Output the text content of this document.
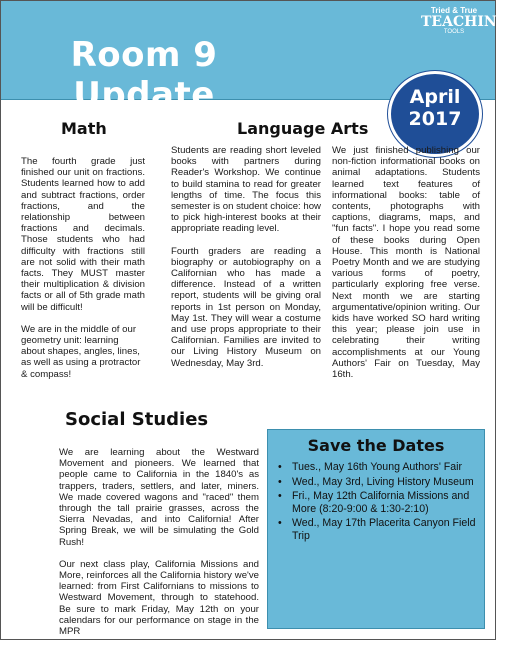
Room 9 Update
Tried & True
TEACHING
TOOLS
April
2017
Math	Language Arts

The fourth grade just finished our unit on fractions. Students learned how to add and subtract fractions, order fractions, and the relationship between fractions and decimals. Those students who had difficulty with fractions still are not solid with their math facts. They MUST master their multiplication & division facts or all of 5th grade math will be difficult!

We are in the middle of our geometry unit: learning about shapes, angles, lines, as well as using a protractor & compass!

Students are reading short leveled books with partners during Reader's Workshop. We continue to build stamina to read for greater lengths of time. The focus this semester is on student choice: how to pick high-interest books at their appropriate reading level.

Fourth graders are reading a biography or autobiography on a Californian who has made a difference. Instead of a written report, students will be giving oral reports in 1st person on Monday, May 1st. They will wear a costume and use props appropriate to their Californian. Families are invited to our Living History Museum on Wednesday, May 3rd.

We just finished publishing our non-fiction informational books on animal adaptations. Students learned text features of informational books: table of contents, photographs with captions, diagrams, maps, and "fun facts". I hope you read some of these books during Open House. This month is National Poetry Month and we are studying various forms of poetry, particularly exploring free verse. Next month we are starting argumentative/opinion writing. Our kids have worked SO hard writing this year; please join use in celebrating their writing accomplishments at our Young Authors' Fair on Tuesday, May 16th.

Social Studies

We are learning about the Westward Movement and pioneers. We learned that people came to California in the 1840's as trappers, traders, settlers, and later, miners. We made covered wagons and "raced" them through the tall prairie grasses, across the Sierra Nevadas, and into California! After Spring Break, we will be simulating the Gold Rush!

Our next class play, California Missions and More, reinforces all the California history we've learned: from First Californians to missions to Westward Movement, through to statehood. Be sure to mark Friday, May 12th on your calendars for our performance on stage in the MPR

Save the Dates
• Tues., May 16th Young Authors' Fair
• Wed., May 3rd, Living History Museum
• Fri., May 12th California Missions and More (8:20-9:00 & 1:30-2:10)
• Wed., May 17th Placerita Canyon Field Trip
